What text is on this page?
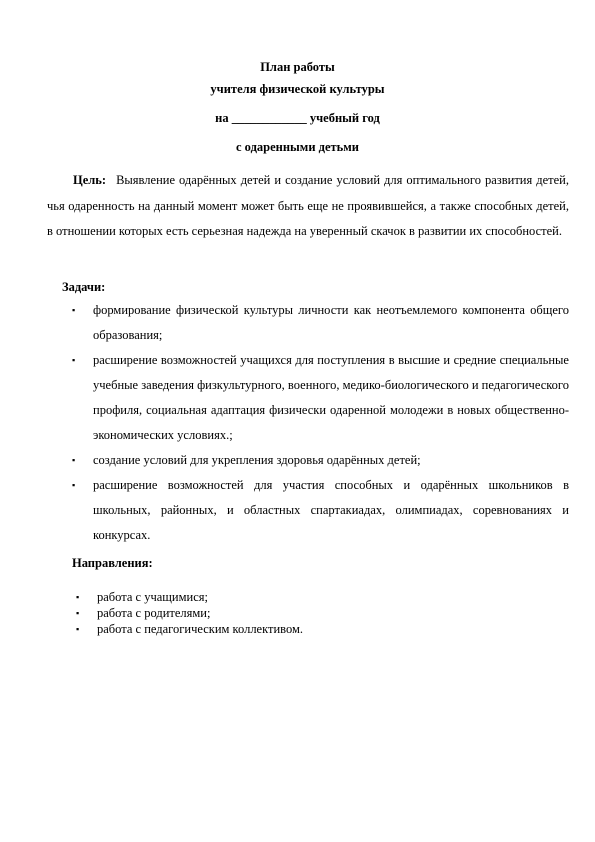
План работы
учителя физической культуры
на ____________ учебный год
с одаренными детьми
Цель: Выявление одарённых детей и создание условий для оптимального развития детей, чья одаренность на данный момент может быть еще не проявившейся, а также способных детей, в отношении которых есть серьезная надежда на уверенный скачок в развитии их способностей.
Задачи:
▪ формирование физической культуры личности как неотъемлемого компонента общего образования;
▪ расширение возможностей учащихся для поступления в высшие и средние специальные учебные заведения физкультурного, военного, медико-биологического и педагогического профиля, социальная адаптация физически одаренной молодежи в новых общественно-экономических условиях.;
▪ создание условий для укрепления здоровья одарённых детей;
▪ расширение возможностей для участия способных и одарённых школьников в школьных, районных, и областных спартакиадах, олимпиадах, соревнованиях и конкурсах.
Направления:
▪ работа с учащимися;
▪ работа с родителями;
▪ работа с педагогическим коллективом.
